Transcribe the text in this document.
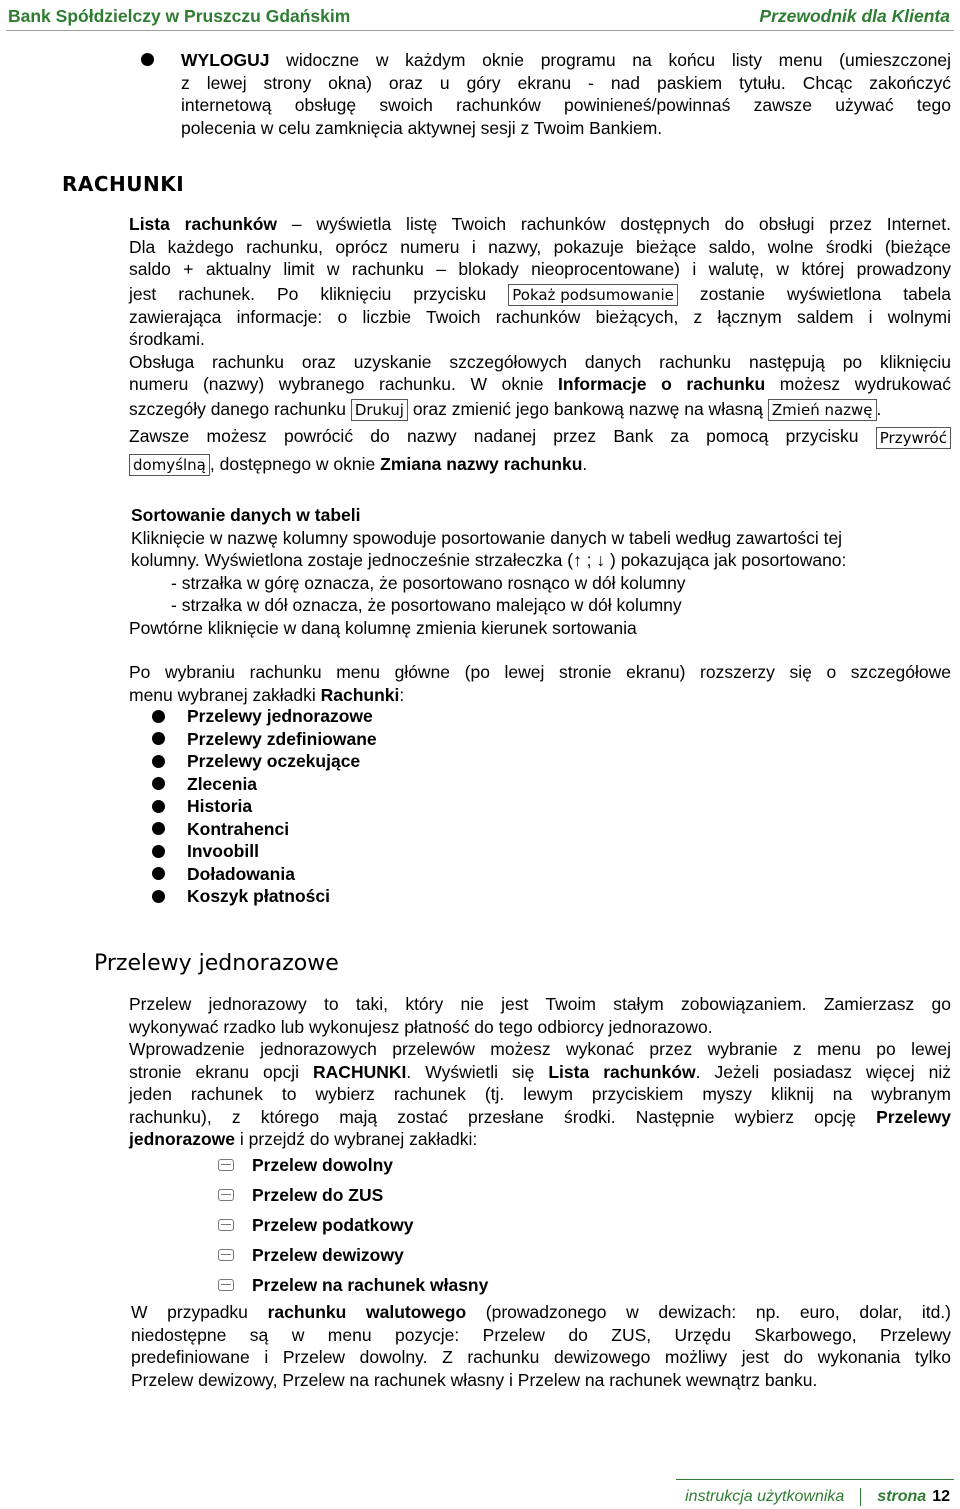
Bank Spółdzielczy w Pruszczu Gdańskim	Przewodnik dla Klienta
WYLOGUJ widoczne w każdym oknie programu na końcu listy menu (umieszczonej
z lewej strony okna) oraz u góry ekranu - nad paskiem tytułu. Chcąc zakończyć
internetową obsługę swoich rachunków powinieneś/powinnaś zawsze używać tego
polecenia w celu zamknięcia aktywnej sesji z Twoim Bankiem.
RACHUNKI
Lista rachunków – wyświetla listę Twoich rachunków dostępnych do obsługi przez Internet.
Dla każdego rachunku, oprócz numeru i nazwy, pokazuje bieżące saldo, wolne środki (bieżące
saldo + aktualny limit w rachunku – blokady nieoprocentowane) i walutę, w której prowadzony
jest rachunek. Po kliknięciu przycisku Pokaż podsumowanie zostanie wyświetlona tabela
zawierająca informacje: o liczbie Twoich rachunków bieżących, z łącznym saldem i wolnymi
środkami.
Obsługa rachunku oraz uzyskanie szczegółowych danych rachunku następują po kliknięciu
numeru (nazwy) wybranego rachunku. W oknie Informacje o rachunku możesz wydrukować
szczegóły danego rachunku Drukuj oraz zmienić jego bankową nazwę na własną Zmień nazwę .
Zawsze możesz powrócić do nazwy nadanej przez Bank za pomocą przycisku Przywróć
domyślną , dostępnego w oknie Zmiana nazwy rachunku.
Sortowanie danych w tabeli
Kliknięcie w nazwę kolumny spowoduje posortowanie danych w tabeli według zawartości tej
kolumny. Wyświetlona zostaje jednocześnie strzałeczka (↑ ; ↓ ) pokazująca jak posortowano:
- strzałka w górę oznacza, że posortowano rosnąco w dół kolumny
- strzałka w dół oznacza, że posortowano malejąco w dół kolumny
Powtórne kliknięcie w daną kolumnę zmienia kierunek sortowania
Po wybraniu rachunku menu główne (po lewej stronie ekranu) rozszerzy się o szczegółowe
menu wybranej zakładki Rachunki:
Przelewy jednorazowe
Przelewy zdefiniowane
Przelewy oczekujące
Zlecenia
Historia
Kontrahenci
Invoobill
Doładowania
Koszyk płatności
Przelewy jednorazowe
Przelew jednorazowy to taki, który nie jest Twoim stałym zobowiązaniem. Zamierzasz go
wykonywać rzadko lub wykonujesz płatność do tego odbiorcy jednorazowo.
Wprowadzenie jednorazowych przelewów możesz wykonać przez wybranie z menu po lewej
stronie ekranu opcji RACHUNKI. Wyświetli się Lista rachunków. Jeżeli posiadasz więcej niż
jeden rachunek to wybierz rachunek (tj. lewym przyciskiem myszy kliknij na wybranym
rachunku), z którego mają zostać przesłane środki. Następnie wybierz opcję Przelewy
jednorazowe i przejdź do wybranej zakładki:
Przelew dowolny
Przelew do ZUS
Przelew podatkowy
Przelew dewizowy
Przelew na rachunek własny
W przypadku rachunku walutowego (prowadzonego w dewizach: np. euro, dolar, itd.)
niedostępne są w menu pozycje: Przelew do ZUS, Urzędu Skarbowego, Przelewy
predefiniowane i Przelew dowolny. Z rachunku dewizowego możliwy jest do wykonania tylko
Przelew dewizowy, Przelew na rachunek własny i Przelew na rachunek wewnątrz banku.
instrukcja użytkownika strona 12
